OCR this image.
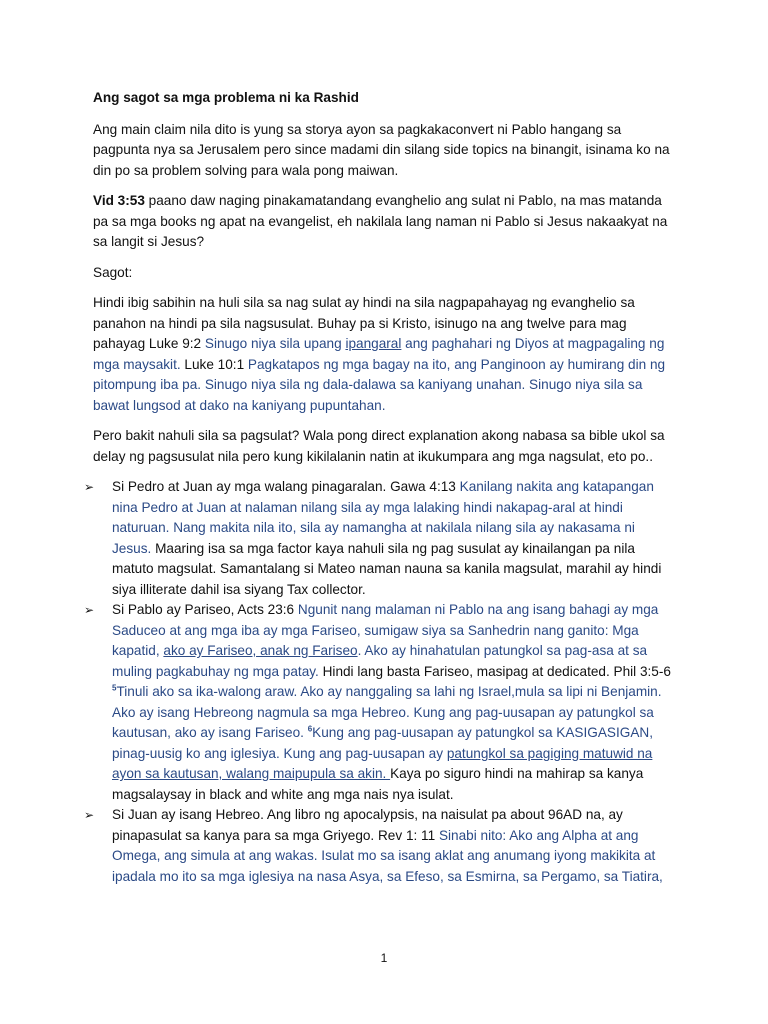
Ang sagot sa mga problema ni ka Rashid

Ang main claim nila dito is yung sa storya ayon sa pagkakaconvert ni Pablo hangang sa pagpunta nya sa Jerusalem pero since madami din silang side topics na binangit, isinama ko na din po sa problem solving para wala pong maiwan.

Vid 3:53 paano daw naging pinakamatandang evanghelio ang sulat ni Pablo, na mas matanda pa sa mga books ng apat na evangelist, eh nakilala lang naman ni Pablo si Jesus nakaakyat na sa langit si Jesus?

Sagot:

Hindi ibig sabihin na huli sila sa nag sulat ay hindi na sila nagpapahayag ng evanghelio sa panahon na hindi pa sila nagsusulat. Buhay pa si Kristo, isinugo na ang twelve para mag pahayag Luke 9:2 Sinugo niya sila upang ipangaral ang paghahari ng Diyos at magpagaling ng mga maysakit. Luke 10:1 Pagkatapos ng mga bagay na ito, ang Panginoon ay humirang din ng pitompung iba pa. Sinugo niya sila ng dala-dalawa sa kaniyang unahan. Sinugo niya sila sa bawat lungsod at dako na kaniyang pupuntahan.

Pero bakit nahuli sila sa pagsulat? Wala pong direct explanation akong nabasa sa bible ukol sa delay ng pagsusulat nila pero kung kikilalanin natin at ikukumpara ang mga nagsulat, eto po..

➢ Si Pedro at Juan ay mga walang pinagaralan. Gawa 4:13 Kanilang nakita ang katapangan nina Pedro at Juan at nalaman nilang sila ay mga lalaking hindi nakapag-aral at hindi naturuan. Nang makita nila ito, sila ay namangha at nakilala nilang sila ay nakasama ni Jesus. Maaring isa sa mga factor kaya nahuli sila ng pag susulat ay kinailangan pa nila matuto magsulat. Samantalang si Mateo naman nauna sa kanila magsulat, marahil ay hindi siya illiterate dahil isa siyang Tax collector.
➢ Si Pablo ay Pariseo, Acts 23:6 Ngunit nang malaman ni Pablo na ang isang bahagi ay mga Saduceo at ang mga iba ay mga Fariseo, sumigaw siya sa Sanhedrin nang ganito: Mga kapatid, ako ay Fariseo, anak ng Fariseo. Ako ay hinahatulan patungkol sa pag-asa at sa muling pagkabuhay ng mga patay. Hindi lang basta Fariseo, masipag at dedicated. Phil 3:5-6 $^5$Tinuli ako sa ika-walong araw. Ako ay nanggaling sa lahi ng Israel,mula sa lipi ni Benjamin. Ako ay isang Hebreong nagmula sa mga Hebreo. Kung ang pag-uusapan ay patungkol sa kautusan, ako ay isang Fariseo. $^6$Kung ang pag-uusapan ay patungkol sa KASIGASIGAN, pinag-uusig ko ang iglesiya. Kung ang pag-uusapan ay patungkol sa pagiging matuwid na ayon sa kautusan, walang maipupula sa akin. Kaya po siguro hindi na mahirap sa kanya magsalaysay in black and white ang mga nais nya isulat.
➢ Si Juan ay isang Hebreo. Ang libro ng apocalypsis, na naisulat pa about 96AD na, ay pinapasulat sa kanya para sa mga Griyego. Rev 1: 11 Sinabi nito: Ako ang Alpha at ang Omega, ang simula at ang wakas. Isulat mo sa isang aklat ang anumang iyong makikita at ipadala mo ito sa mga iglesiya na nasa Asya, sa Efeso, sa Esmirna, sa Pergamo, sa Tiatira,
1
